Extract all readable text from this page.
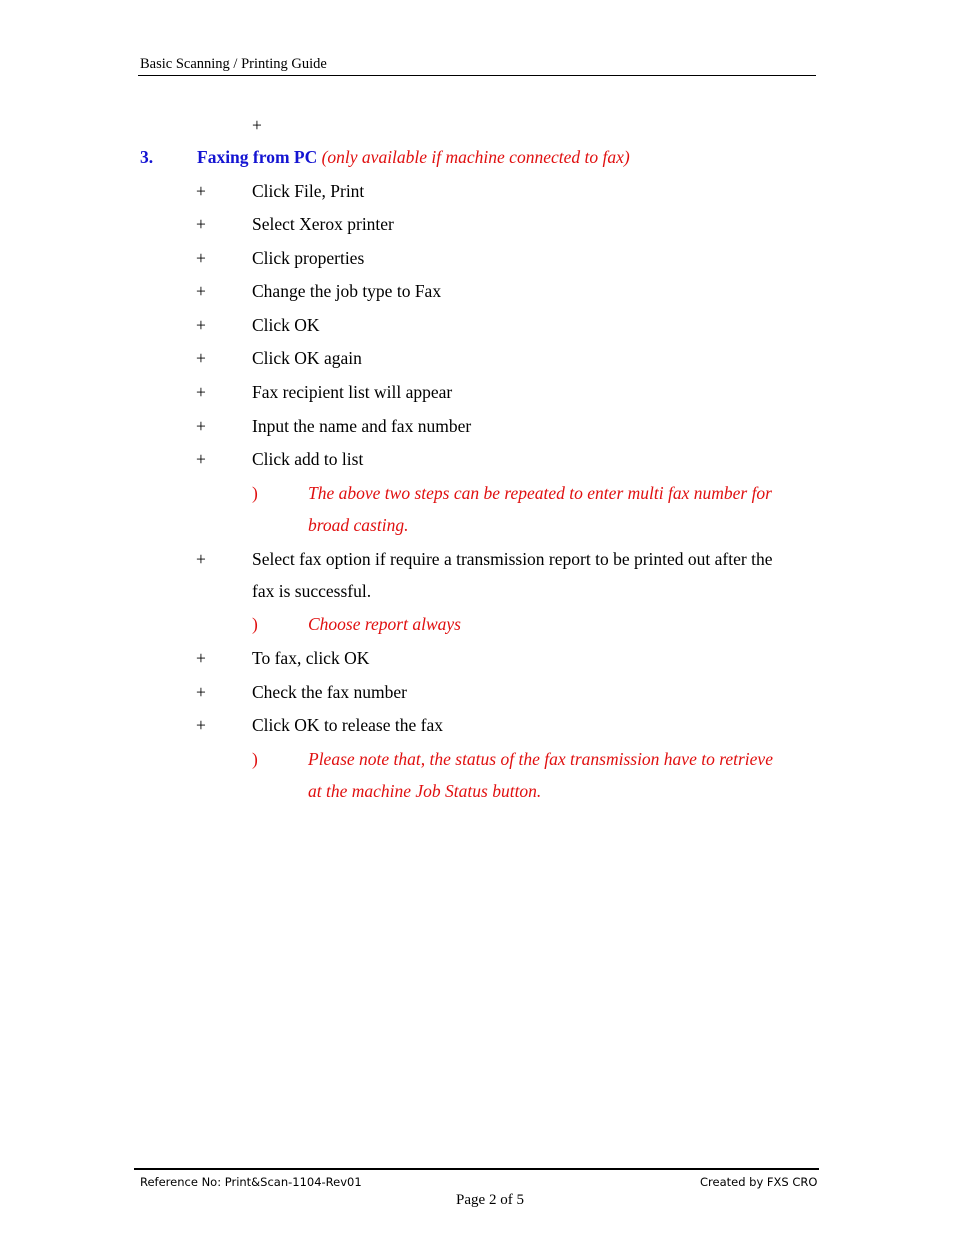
Basic Scanning / Printing Guide
+
3.	Faxing from PC (only available if machine connected to fax)
+	Click File, Print
+	Select Xerox printer
+	Click properties
+	Change the job type to Fax
+	Click OK
+	Click OK again
+	Fax recipient list will appear
+	Input the name and fax number
+	Click add to list
)	The above two steps can be repeated to enter multi fax number for
broad casting.
+	Select fax option if require a transmission report to be printed out after the
fax is successful.
)	Choose report always
+	To fax, click OK
+	Check the fax number
+	Click OK to release the fax
)	Please note that, the status of the fax transmission have to retrieve
at the machine Job Status button.
Reference No: Print&Scan-1104-Rev01	Created by FXS CRO
Page 2 of 5
